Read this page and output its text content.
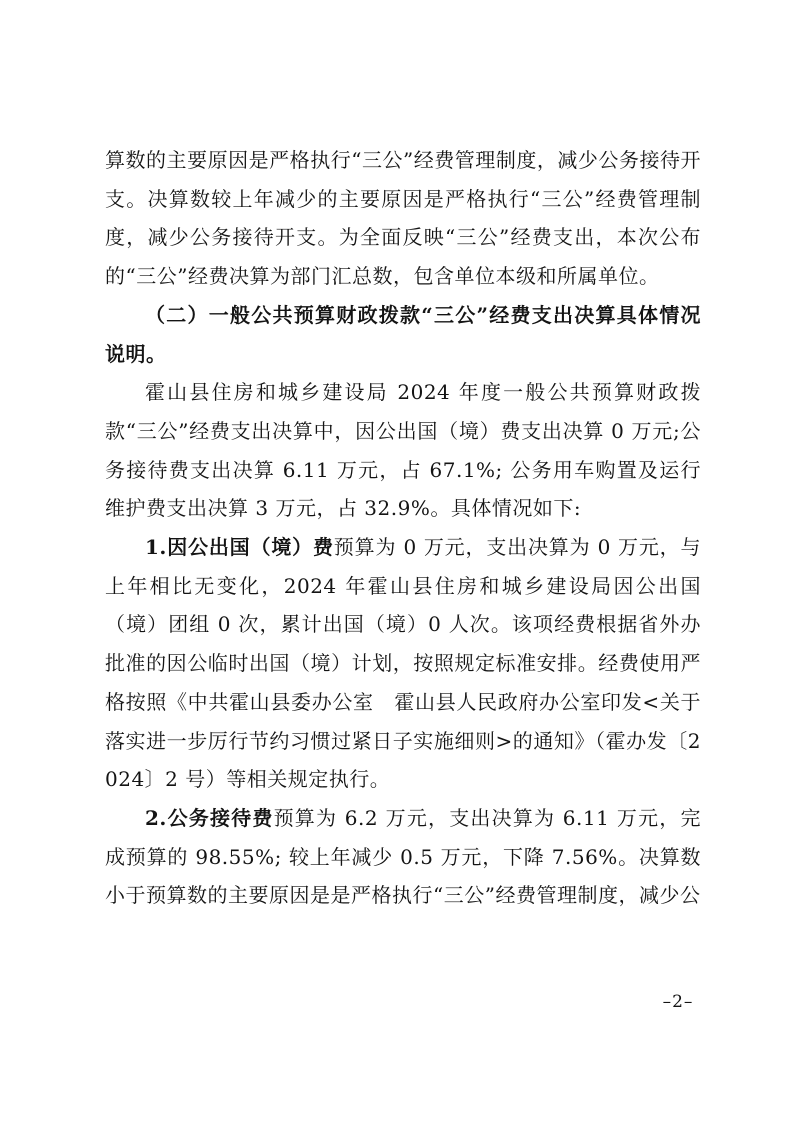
算数的主要原因是严格执行“三公”经费管理制度，减少公务接待开支。决算数较上年减少的主要原因是严格执行“三公”经费管理制度，减少公务接待开支。为全面反映“三公”经费支出，本次公布的“三公”经费决算为部门汇总数，包含单位本级和所属单位。

（二）一般公共预算财政拨款“三公”经费支出决算具体情况说明。

霍山县住房和城乡建设局 2024 年度一般公共预算财政拨款“三公”经费支出决算中，因公出国（境）费支出决算 0 万元;公务接待费支出决算 6.11 万元，占 67.1%; 公务用车购置及运行维护费支出决算 3 万元，占 32.9%。具体情况如下:

1.因公出国（境）费预算为 0 万元，支出决算为 0 万元，与上年相比无变化，2024 年霍山县住房和城乡建设局因公出国（境）团组 0 次，累计出国（境）0 人次。该项经费根据省外办批准的因公临时出国（境）计划，按照规定标准安排。经费使用严格按照《中共霍山县委办公室　霍山县人民政府办公室印发<关于落实进一步厉行节约习惯过紧日子实施细则>的通知》（霍办发〔2024〕2 号）等相关规定执行。

2.公务接待费预算为 6.2 万元，支出决算为 6.11 万元，完成预算的 98.55%; 较上年减少 0.5 万元，下降 7.56%。决算数小于预算数的主要原因是是严格执行“三公”经费管理制度，减少公

–2–
